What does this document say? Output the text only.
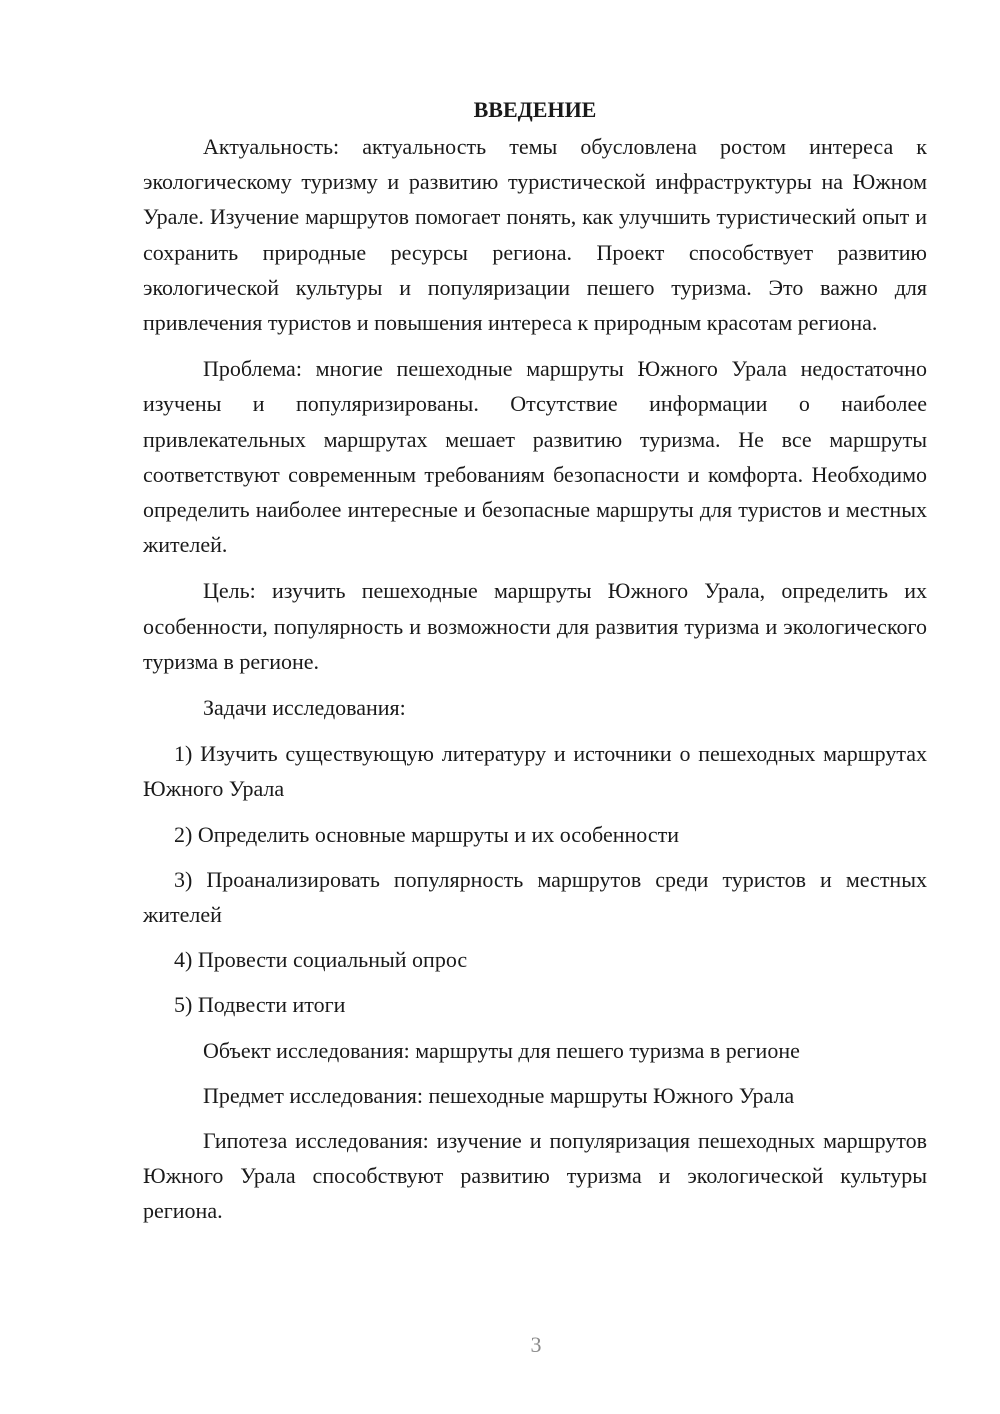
ВВЕДЕНИЕ

Актуальность: актуальность темы обусловлена ростом интереса к экологическому туризму и развитию туристической инфраструктуры на Южном Урале. Изучение маршрутов помогает понять, как улучшить туристический опыт и сохранить природные ресурсы региона. Проект способствует развитию экологической культуры и популяризации пешего туризма. Это важно для привлечения туристов и повышения интереса к природным красотам региона.

Проблема: многие пешеходные маршруты Южного Урала недостаточно изучены и популяризированы. Отсутствие информации о наиболее привлекательных маршрутах мешает развитию туризма. Не все маршруты соответствуют современным требованиям безопасности и комфорта. Необходимо определить наиболее интересные и безопасные маршруты для туристов и местных жителей.

Цель: изучить пешеходные маршруты Южного Урала, определить их особенности, популярность и возможности для развития туризма и экологического туризма в регионе.

Задачи исследования:

1) Изучить существующую литературу и источники о пешеходных маршрутах Южного Урала

2) Определить основные маршруты и их особенности

3) Проанализировать популярность маршрутов среди туристов и местных жителей

4) Провести социальный опрос

5) Подвести итоги

Объект исследования: маршруты для пешего туризма в регионе

Предмет исследования: пешеходные маршруты Южного Урала

Гипотеза исследования: изучение и популяризация пешеходных маршрутов Южного Урала способствуют развитию туризма и экологической культуры региона.

3
